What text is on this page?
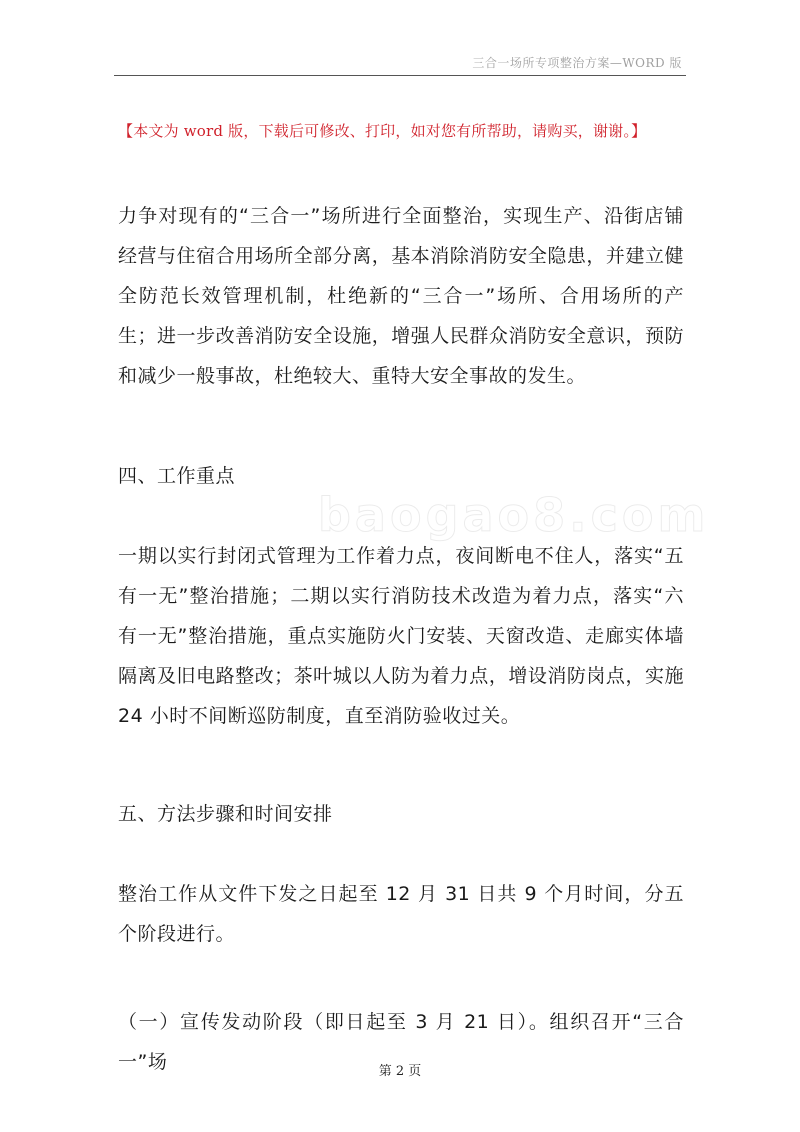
三合一场所专项整治方案—WORD 版
【本文为 word 版，下载后可修改、打印，如对您有所帮助，请购买，谢谢。】
baogao8.com

力争对现有的“三合一”场所进行全面整治，实现生产、沿街店铺经营与住宿合用场所全部分离，基本消除消防安全隐患，并建立健全防范长效管理机制，杜绝新的“三合一”场所、合用场所的产生；进一步改善消防安全设施，增强人民群众消防安全意识，预防和减少一般事故，杜绝较大、重特大安全事故的发生。

四、工作重点

一期以实行封闭式管理为工作着力点，夜间断电不住人，落实“五有一无”整治措施；二期以实行消防技术改造为着力点，落实“六有一无”整治措施，重点实施防火门安装、天窗改造、走廊实体墙隔离及旧电路整改；茶叶城以人防为着力点，增设消防岗点，实施 24 小时不间断巡防制度，直至消防验收过关。

五、方法步骤和时间安排

整治工作从文件下发之日起至 12 月 31 日共 9 个月时间，分五个阶段进行。

（一）宣传发动阶段（即日起至 3 月 21 日）。组织召开“三合一”场	第 2 页
